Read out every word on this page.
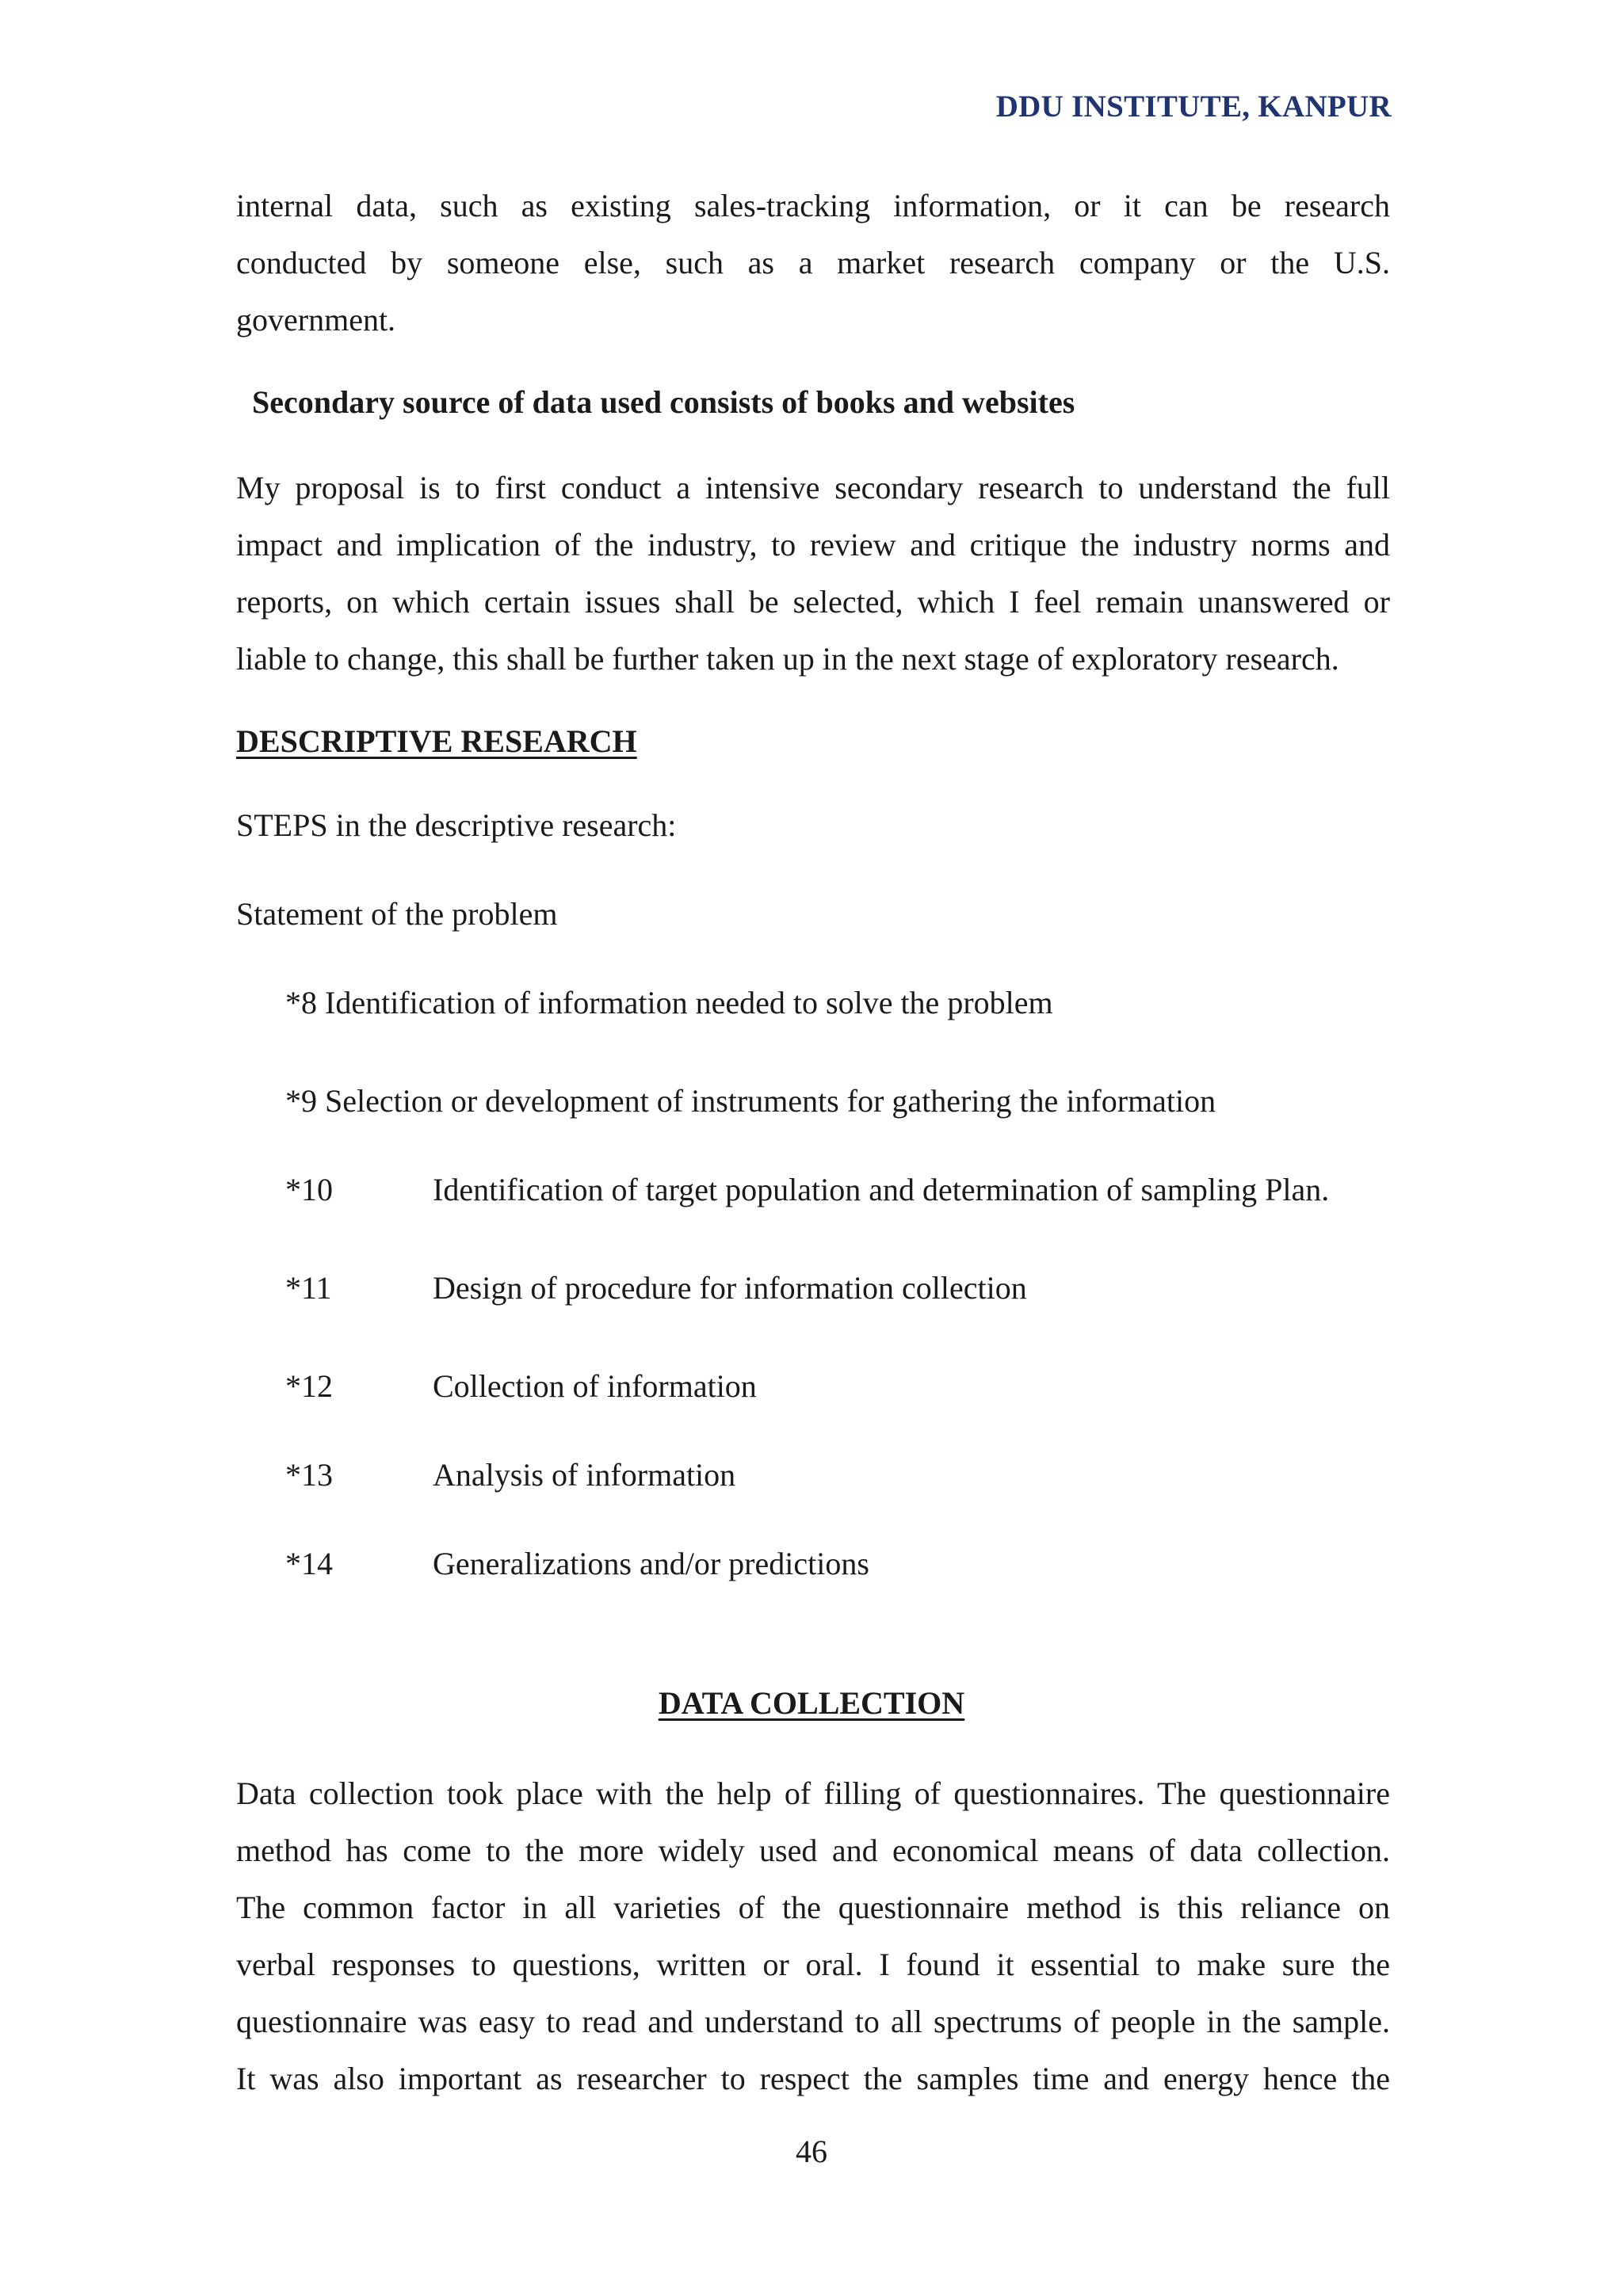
DDU INSTITUTE, KANPUR
internal data, such as existing sales-tracking information, or it can be research
conducted by someone else, such as a market research company or the U.S.
government.
Secondary source of data used consists of books and websites
My proposal is to first conduct a intensive secondary research to understand the full
impact and implication of the industry, to review and critique the industry norms and
reports, on which certain issues shall be selected, which I feel remain unanswered or
liable to change, this shall be further taken up in the next stage of exploratory research.
DESCRIPTIVE RESEARCH
STEPS in the descriptive research:
Statement of the problem
*8 Identification of information needed to solve the problem
*9 Selection or development of instruments for gathering the information
*10	Identification of target population and determination of sampling Plan.
*11	Design of procedure for information collection
*12	Collection of information
*13	Analysis of information
*14	Generalizations and/or predictions
DATA COLLECTION
Data collection took place with the help of filling of questionnaires. The questionnaire
method has come to the more widely used and economical means of data collection.
The common factor in all varieties of the questionnaire method is this reliance on
verbal responses to questions, written or oral. I found it essential to make sure the
questionnaire was easy to read and understand to all spectrums of people in the sample.
It was also important as researcher to respect the samples time and energy hence the
46
